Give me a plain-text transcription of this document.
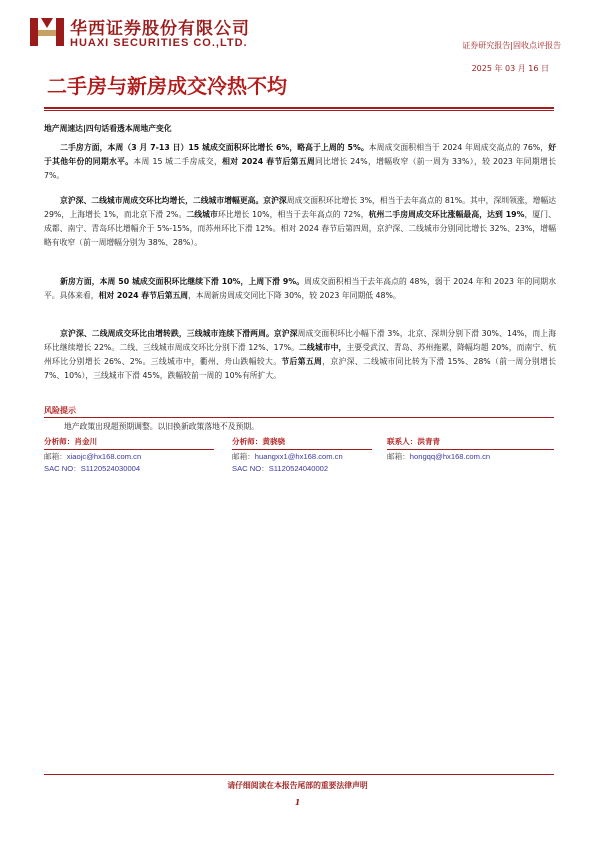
华西证券股份有限公司
HUAXI SECURITIES CO.,LTD.	证券研究报告|固收点评报告
2025 年 03 月 16 日
二手房与新房成交冷热不均
地产周速达|四句话看透本周地产变化
二手房方面，本周（3 月 7-13 日）15 城成交面积环比增长 6%，略高于上周的 5%。本周成交面积相当于 2024 年周成交高点的 76%，好于其他年份的同期水平。本周 15 城二手房成交，相对 2024 春节后第五周同比增长 24%，增幅收窄（前一周为 33%），较 2023 年同期增长 7%。
京沪深、二线城市周成交环比均增长，二线城市增幅更高。京沪深周成交面积环比增长 3%，相当于去年高点的 81%。其中，深圳领涨，增幅达 29%，上海增长 1%，而北京下滑 2%。二线城市环比增长 10%，相当于去年高点的 72%，杭州二手房周成交环比涨幅最高，达到 19%，厦门、成都、南宁、青岛环比增幅介于 5%-15%，而苏州环比下滑 12%。相对 2024 春节后第四周，京沪深、二线城市分别同比增长 32%、23%，增幅略有收窄（前一周增幅分别为 38%、28%）。
新房方面，本周 50 城成交面积环比继续下滑 10%，上周下滑 9%。周成交面积相当于去年高点的 48%，弱于 2024 年和 2023 年的同期水平。具体来看，相对 2024 春节后第五周，本周新房周成交同比下降 30%，较 2023 年同期低 48%。
京沪深、二线周成交环比由增转跌，三线城市连续下滑两周。京沪深周成交面积环比小幅下滑 3%，北京、深圳分别下滑 30%、14%，而上海环比继续增长 22%。二线、三线城市周成交环比分别下滑 12%、17%。二线城市中，主要受武汉、青岛、苏州拖累，降幅均超 20%，而南宁、杭州环比分别增长 26%、2%。三线城市中，衢州、舟山跌幅较大。节后第五周，京沪深、二线城市同比转为下滑 15%、28%（前一周分别增长 7%、10%），三线城市下滑 45%，跌幅较前一周的 10%有所扩大。
风险提示
地产政策出现超预期调整。以旧换新政策落地不及预期。
分析师：肖金川
邮箱：xiaojc@hx168.com.cn
SAC NO：S1120524030004
分析师：黄骁骁
邮箱：huangxx1@hx168.com.cn
SAC NO：S1120524040002
联系人：洪青青
邮箱：hongqq@hx168.com.cn
请仔细阅读在本报告尾部的重要法律声明
1
